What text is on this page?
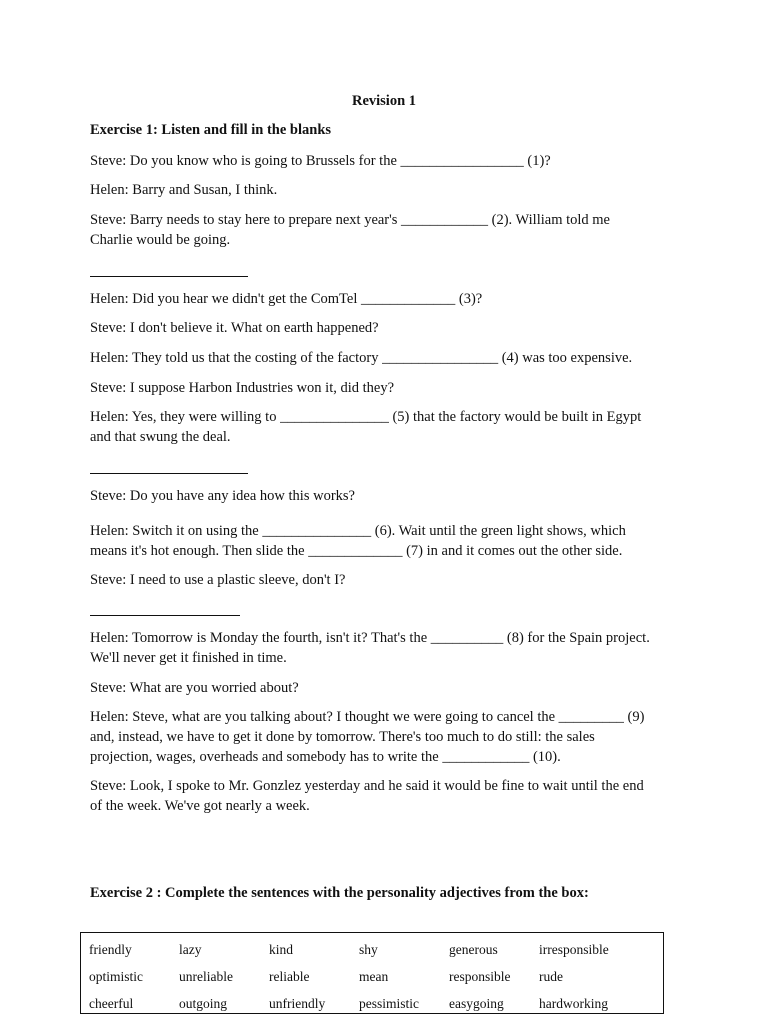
Revision 1
Exercise 1: Listen and fill in the blanks
Steve: Do you know who is going to Brussels for the _________________ (1)?
Helen: Barry and Susan, I think.
Steve: Barry needs to stay here to prepare next year's ____________ (2). William told me
Charlie would be going.
Helen: Did you hear we didn't get the ComTel _____________ (3)?
Steve: I don't believe it. What on earth happened?
Helen: They told us that the costing of the factory ________________ (4) was too expensive.
Steve: I suppose Harbon Industries won it, did they?
Helen: Yes, they were willing to _______________ (5) that the factory would be built in Egypt
and that swung the deal.
Steve: Do you have any idea how this works?
Helen: Switch it on using the _______________ (6). Wait until the green light shows, which
means it's hot enough. Then slide the _____________ (7) in and it comes out the other side.
Steve: I need to use a plastic sleeve, don't I?
Helen: Tomorrow is Monday the fourth, isn't it? That's the __________ (8) for the Spain project.
We'll never get it finished in time.
Steve: What are you worried about?
Helen: Steve, what are you talking about? I thought we were going to cancel the _________ (9)
and, instead, we have to get it done by tomorrow. There's too much to do still: the sales
projection, wages, overheads and somebody has to write the ____________ (10).
Steve: Look, I spoke to Mr. Gonzlez yesterday and he said it would be fine to wait until the end
of the week. We've got nearly a week.
Exercise 2 : Complete the sentences with the personality adjectives from the box:
friendly	lazy	kind	shy	generous	irresponsible
optimistic	unreliable	reliable	mean	responsible	rude
cheerful	outgoing	unfriendly	pessimistic	easygoing	hardworking
